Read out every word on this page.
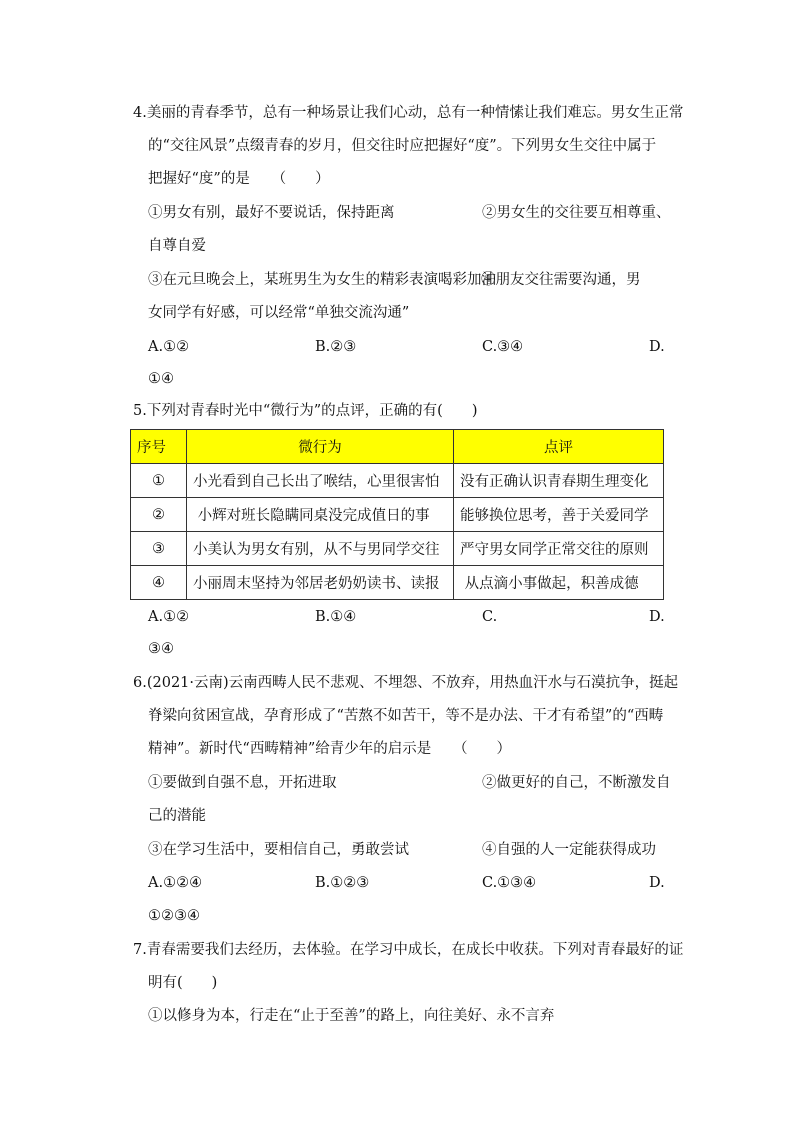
4.美丽的青春季节，总有一种场景让我们心动，总有一种情愫让我们难忘。男女生正常
的“交往风景”点缀青春的岁月，但交往时应把握好“度”。下列男女生交往中属于
把握好“度”的是　　（　　）
①男女有别，最好不要说话，保持距离	②男女生的交往要互相尊重、
自尊自爱
③在元旦晚会上，某班男生为女生的精彩表演喝彩加油
④朋友交往需要沟通，男
女同学有好感，可以经常“单独交流沟通”
A.①②	B.②③	C.③④	D.
①④
5.下列对青春时光中“微行为”的点评，正确的有(　　)
序号	微行为	点评
①	小光看到自己长出了喉结，心里很害怕	没有正确认识青春期生理变化
②	小辉对班长隐瞒同桌没完成值日的事	能够换位思考，善于关爱同学
③	小美认为男女有别，从不与男同学交往	严守男女同学正常交往的原则
④	小丽周末坚持为邻居老奶奶读书、读报	从点滴小事做起，积善成德
A.①②	B.①④	C.	D.
③④
6.(2021·云南)云南西畴人民不悲观、不埋怨、不放弃，用热血汗水与石漠抗争，挺起
脊梁向贫困宣战，孕育形成了“苦熬不如苦干，等不是办法、干才有希望”的“西畴
精神”。新时代“西畴精神”给青少年的启示是　　（　　）
①要做到自强不息，开拓进取	②做更好的自己，不断激发自
己的潜能
③在学习生活中，要相信自己，勇敢尝试	④自强的人一定能获得成功
A.①②④	B.①②③	C.①③④	D.
①②③④
7.青春需要我们去经历，去体验。在学习中成长，在成长中收获。下列对青春最好的证
明有(　　)
①以修身为本，行走在“止于至善”的路上，向往美好、永不言弃
